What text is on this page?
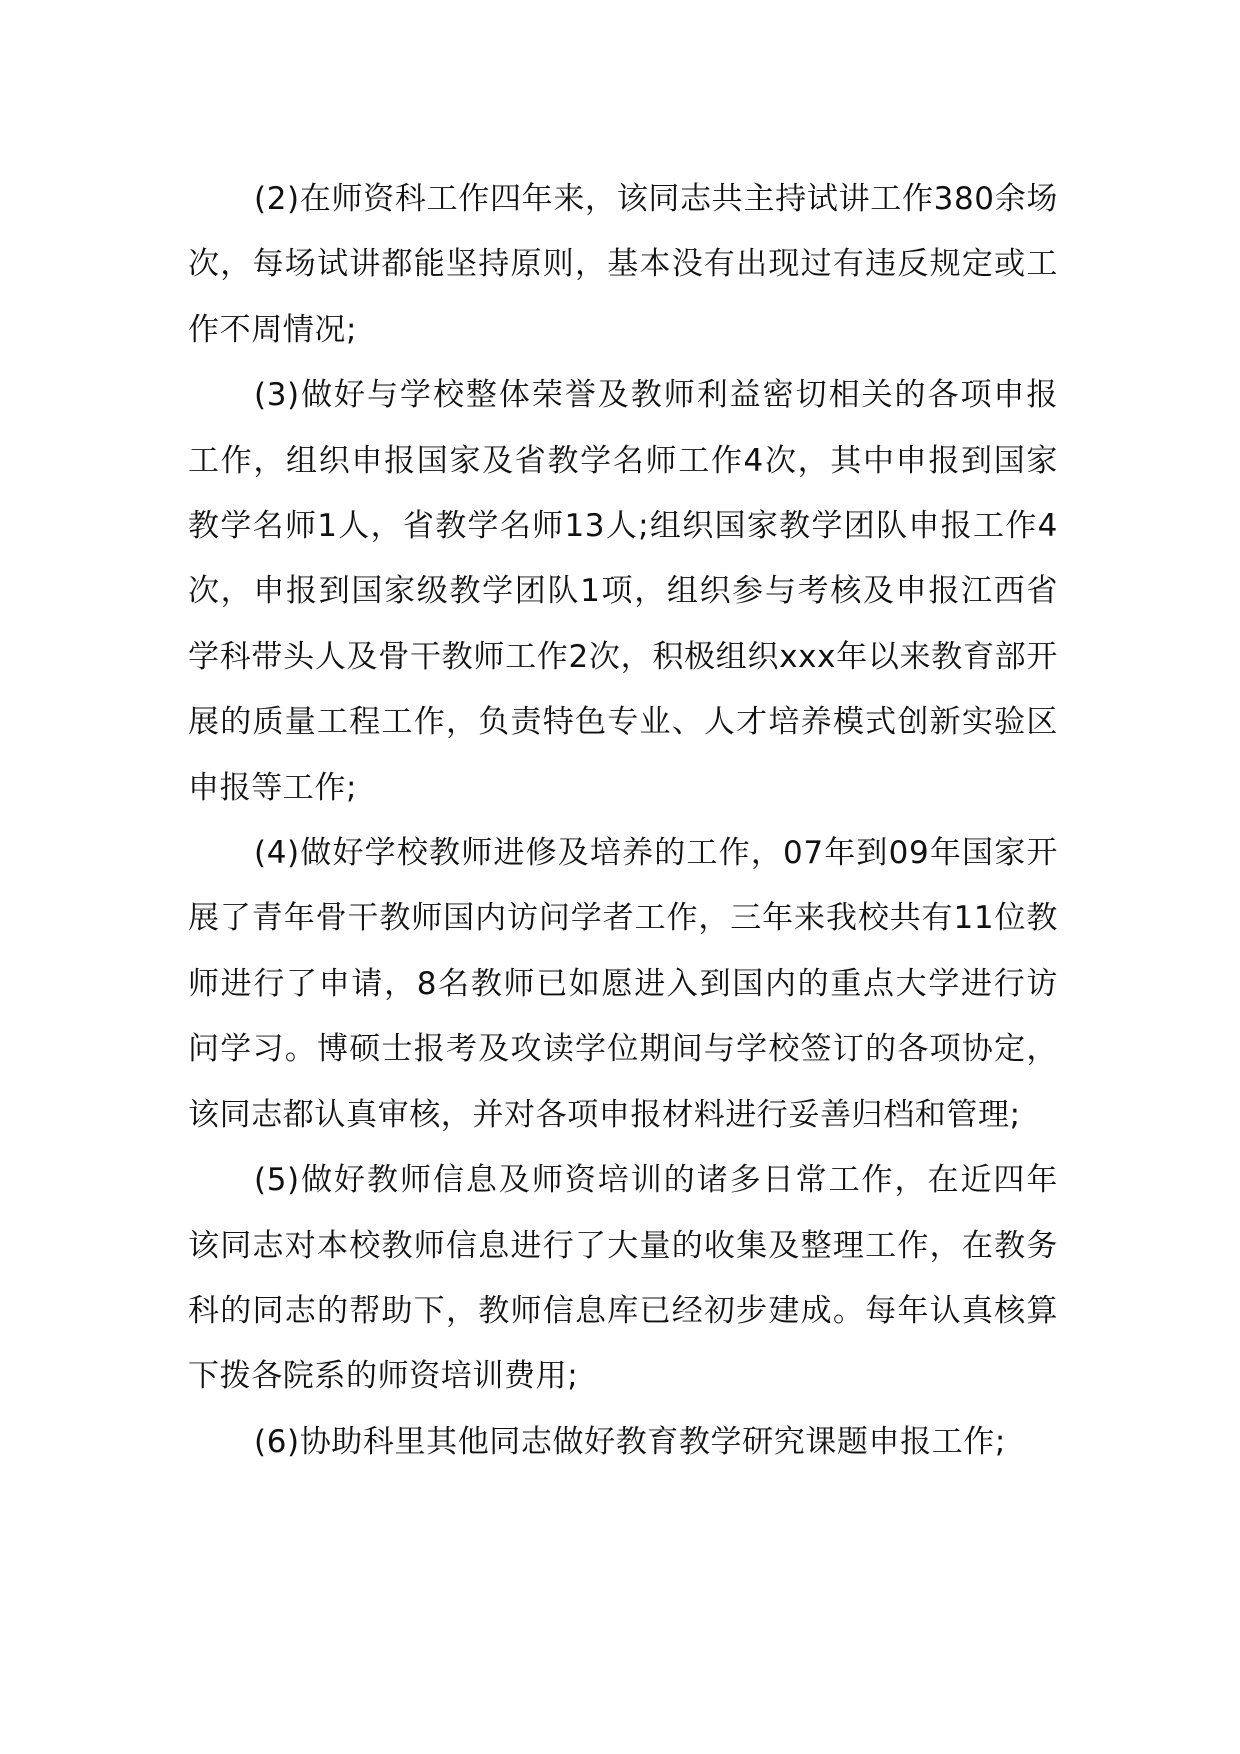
(2)在师资科工作四年来，该同志共主持试讲工作380余场次，每场试讲都能坚持原则，基本没有出现过有违反规定或工作不周情况;

(3)做好与学校整体荣誉及教师利益密切相关的各项申报工作，组织申报国家及省教学名师工作4次，其中申报到国家教学名师1人，省教学名师13人;组织国家教学团队申报工作4次，申报到国家级教学团队1项，组织参与考核及申报江西省学科带头人及骨干教师工作2次，积极组织xxx年以来教育部开展的质量工程工作，负责特色专业、人才培养模式创新实验区申报等工作;

(4)做好学校教师进修及培养的工作，07年到09年国家开展了青年骨干教师国内访问学者工作，三年来我校共有11位教师进行了申请，8名教师已如愿进入到国内的重点大学进行访问学习。博硕士报考及攻读学位期间与学校签订的各项协定，该同志都认真审核，并对各项申报材料进行妥善归档和管理;

(5)做好教师信息及师资培训的诸多日常工作，在近四年该同志对本校教师信息进行了大量的收集及整理工作，在教务科的同志的帮助下，教师信息库已经初步建成。每年认真核算下拨各院系的师资培训费用;

(6)协助科里其他同志做好教育教学研究课题申报工作;
